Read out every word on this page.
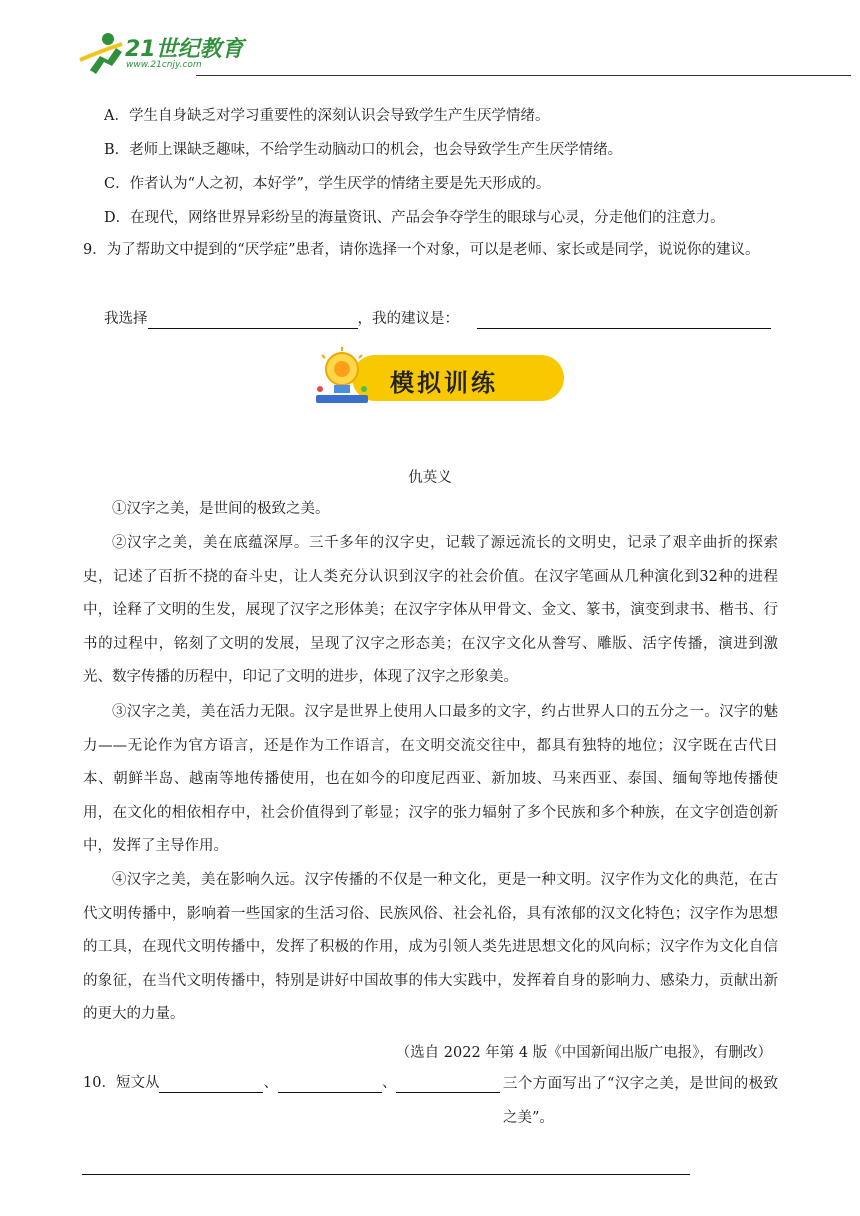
21世纪教育
www.21cnjy.com
A．学生自身缺乏对学习重要性的深刻认识会导致学生产生厌学情绪。
B．老师上课缺乏趣味，不给学生动脑动口的机会，也会导致学生产生厌学情绪。
C．作者认为“人之初，本好学”，学生厌学的情绪主要是先天形成的。
D．在现代，网络世界异彩纷呈的海量资讯、产品会争夺学生的眼球与心灵，分走他们的注意力。
9．为了帮助文中提到的“厌学症”患者，请你选择一个对象，可以是老师、家长或是同学，说说你的建议。
我选择	，我的建议是：
模拟训练
仇英义
①汉字之美，是世间的极致之美。
②汉字之美，美在底蕴深厚。三千多年的汉字史，记载了源远流长的文明史，记录了艰辛曲折的探索史，记述了百折不挠的奋斗史，让人类充分认识到汉字的社会价值。在汉字笔画从几种演化到32种的进程中，诠释了文明的生发，展现了汉字之形体美；在汉字字体从甲骨文、金文、篆书，演变到隶书、楷书、行书的过程中，铭刻了文明的发展，呈现了汉字之形态美；在汉字文化从誊写、雕版、活字传播，演进到激光、数字传播的历程中，印记了文明的进步，体现了汉字之形象美。
③汉字之美，美在活力无限。汉字是世界上使用人口最多的文字，约占世界人口的五分之一。汉字的魅力——无论作为官方语言，还是作为工作语言，在文明交流交往中，都具有独特的地位；汉字既在古代日本、朝鲜半岛、越南等地传播使用，也在如今的印度尼西亚、新加坡、马来西亚、泰国、缅甸等地传播使用，在文化的相依相存中，社会价值得到了彰显；汉字的张力辐射了多个民族和多个种族，在文字创造创新中，发挥了主导作用。
④汉字之美，美在影响久远。汉字传播的不仅是一种文化，更是一种文明。汉字作为文化的典范，在古代文明传播中，影响着一些国家的生活习俗、民族风俗、社会礼俗，具有浓郁的汉文化特色；汉字作为思想的工具，在现代文明传播中，发挥了积极的作用，成为引领人类先进思想文化的风向标；汉字作为文化自信的象征，在当代文明传播中，特别是讲好中国故事的伟大实践中，发挥着自身的影响力、感染力，贡献出新的更大的力量。
（选自 2022 年第 4 版《中国新闻出版广电报》，有删改）
10．短文从	、	、	三个方面写出了“汉字之美，是世间的极致之美”。
